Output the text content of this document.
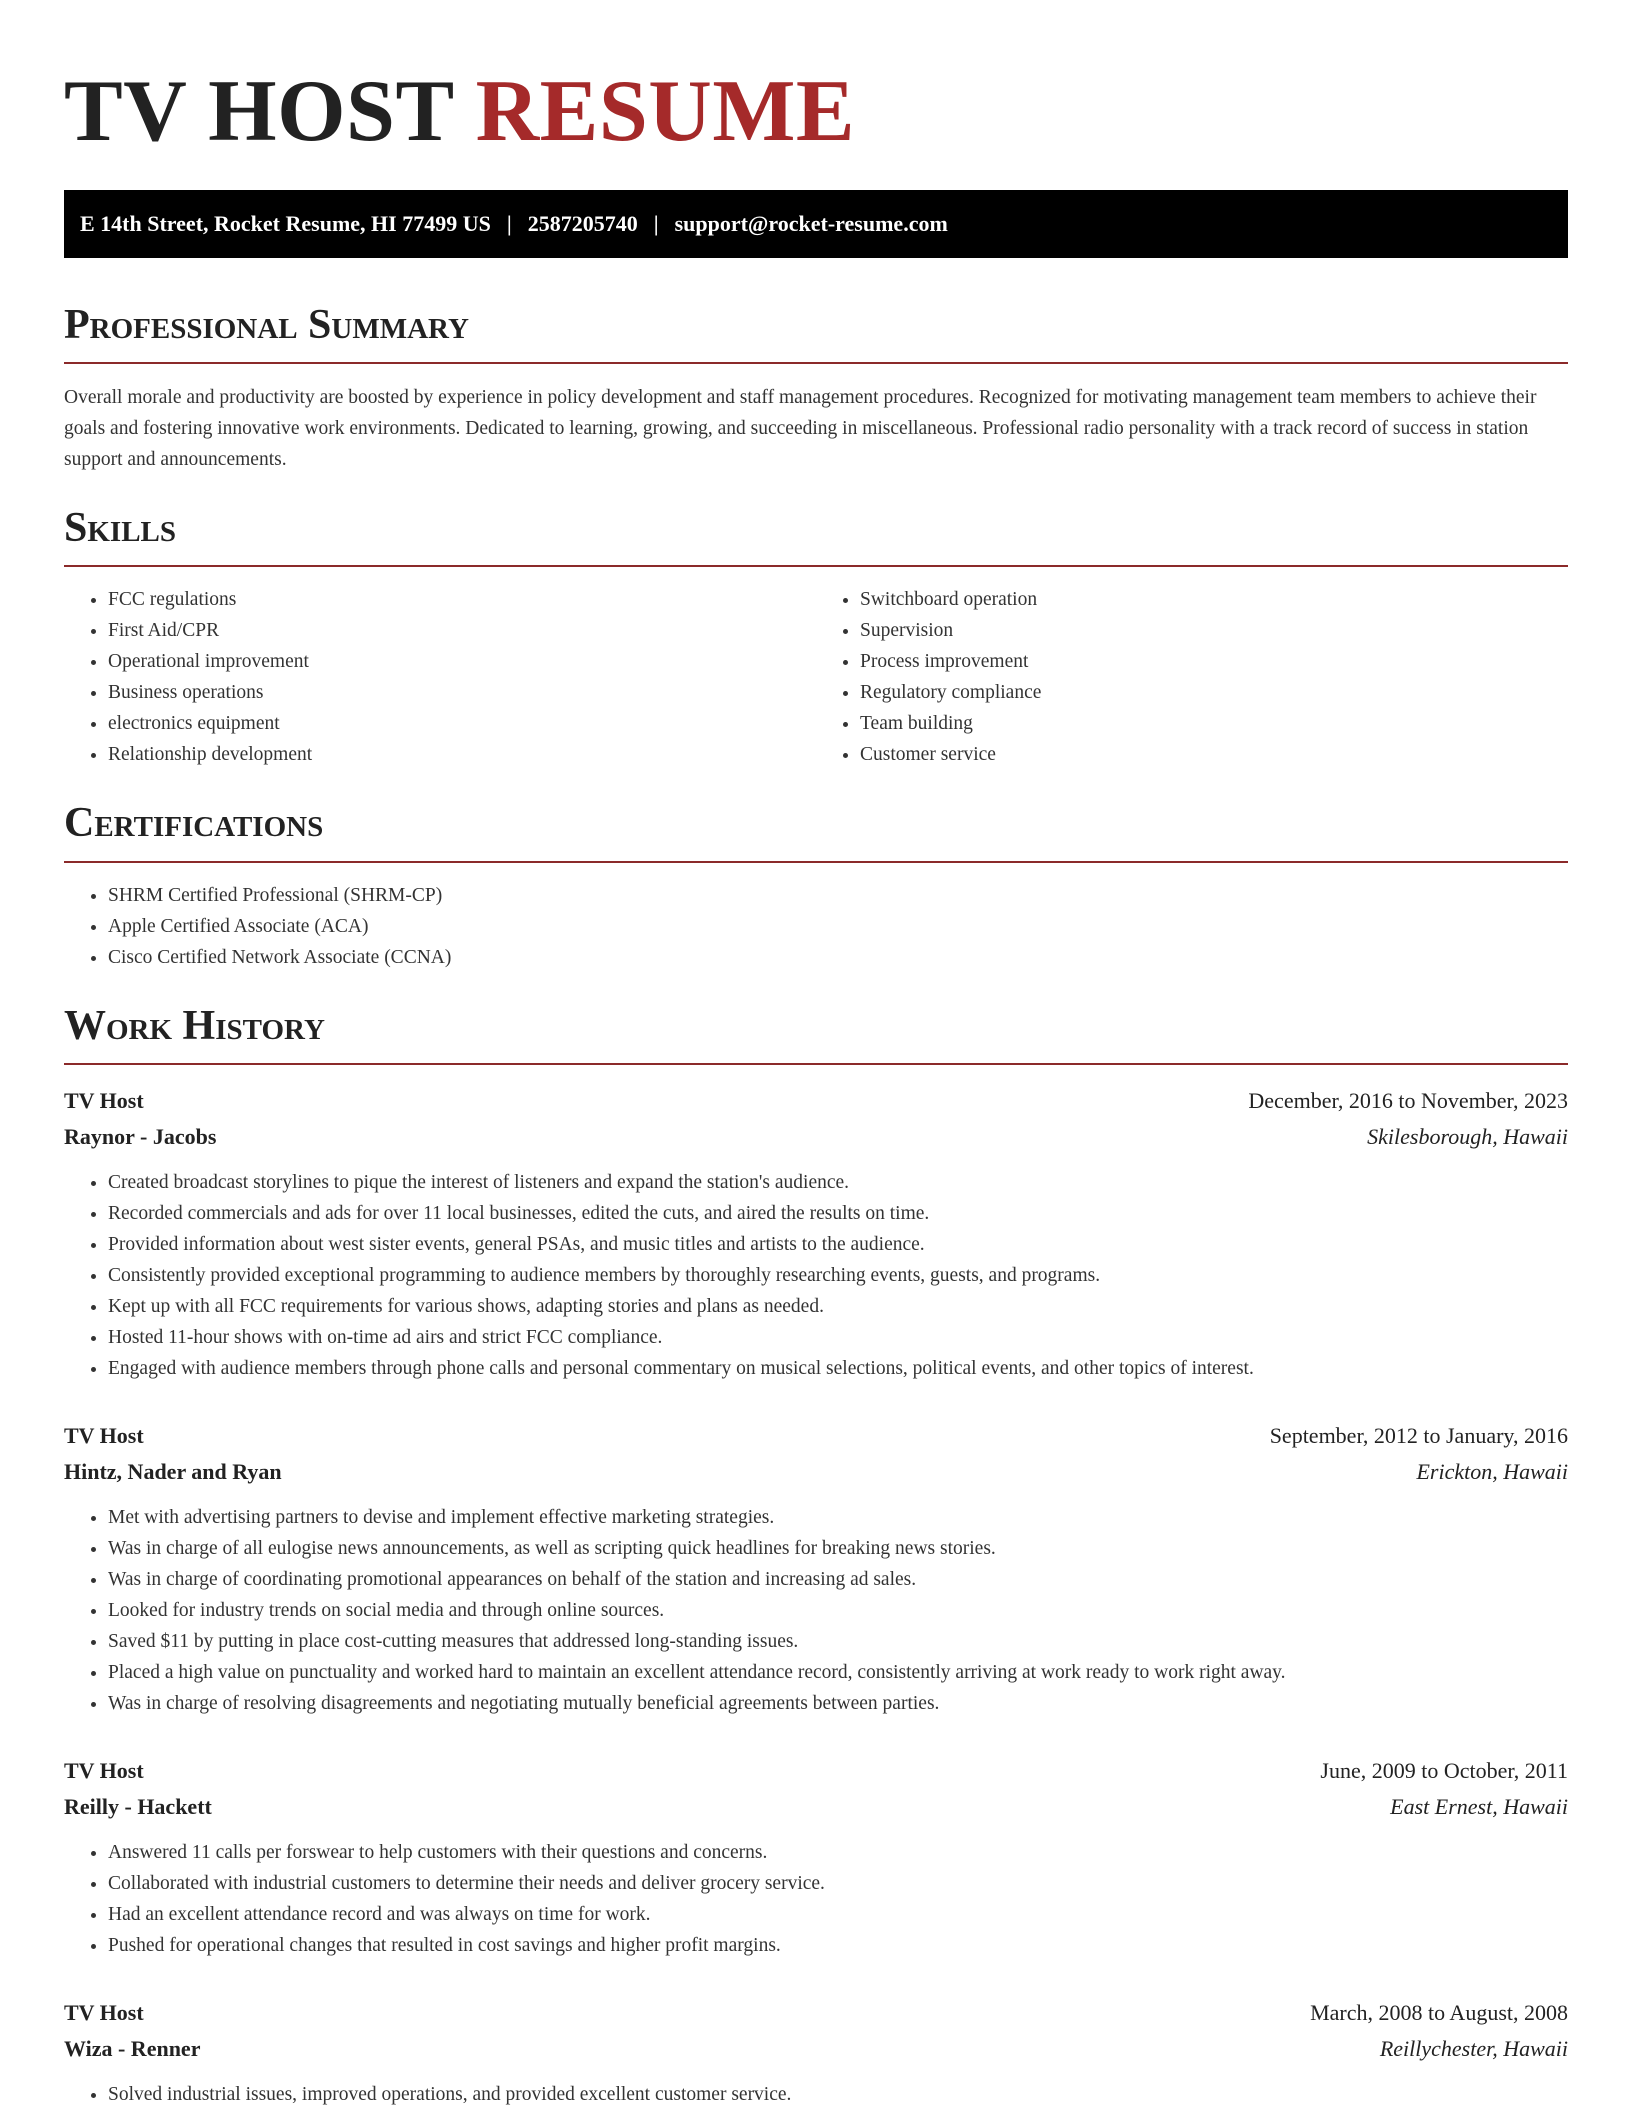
TV HOST RESUME
E 14th Street, Rocket Resume, HI 77499 US | 2587205740 | support@rocket-resume.com
Professional Summary

Overall morale and productivity are boosted by experience in policy development and staff management procedures. Recognized for motivating management team members to achieve their goals and fostering innovative work environments. Dedicated to learning, growing, and succeeding in miscellaneous. Professional radio personality with a track record of success in station support and announcements.

Skills
• FCC regulations
• First Aid/CPR
• Operational improvement
• Business operations
• electronics equipment
• Relationship development
• Switchboard operation
• Supervision
• Process improvement
• Regulatory compliance
• Team building
• Customer service
Certifications
• SHRM Certified Professional (SHRM-CP)
• Apple Certified Associate (ACA)
• Cisco Certified Network Associate (CCNA)
Work History
TV Host	December, 2016 to November, 2023
Raynor - Jacobs	Skilesborough, Hawaii
• Created broadcast storylines to pique the interest of listeners and expand the station's audience.
• Recorded commercials and ads for over 11 local businesses, edited the cuts, and aired the results on time.
• Provided information about west sister events, general PSAs, and music titles and artists to the audience.
• Consistently provided exceptional programming to audience members by thoroughly researching events, guests, and programs.
• Kept up with all FCC requirements for various shows, adapting stories and plans as needed.
• Hosted 11-hour shows with on-time ad airs and strict FCC compliance.
• Engaged with audience members through phone calls and personal commentary on musical selections, political events, and other topics of interest.
TV Host	September, 2012 to January, 2016
Hintz, Nader and Ryan	Erickton, Hawaii
• Met with advertising partners to devise and implement effective marketing strategies.
• Was in charge of all eulogise news announcements, as well as scripting quick headlines for breaking news stories.
• Was in charge of coordinating promotional appearances on behalf of the station and increasing ad sales.
• Looked for industry trends on social media and through online sources.
• Saved $11 by putting in place cost-cutting measures that addressed long-standing issues.
• Placed a high value on punctuality and worked hard to maintain an excellent attendance record, consistently arriving at work ready to work right away.
• Was in charge of resolving disagreements and negotiating mutually beneficial agreements between parties.
TV Host	June, 2009 to October, 2011
Reilly - Hackett	East Ernest, Hawaii
• Answered 11 calls per forswear to help customers with their questions and concerns.
• Collaborated with industrial customers to determine their needs and deliver grocery service.
• Had an excellent attendance record and was always on time for work.
• Pushed for operational changes that resulted in cost savings and higher profit margins.
TV Host	March, 2008 to August, 2008
Wiza - Renner	Reillychester, Hawaii
• Solved industrial issues, improved operations, and provided excellent customer service.
